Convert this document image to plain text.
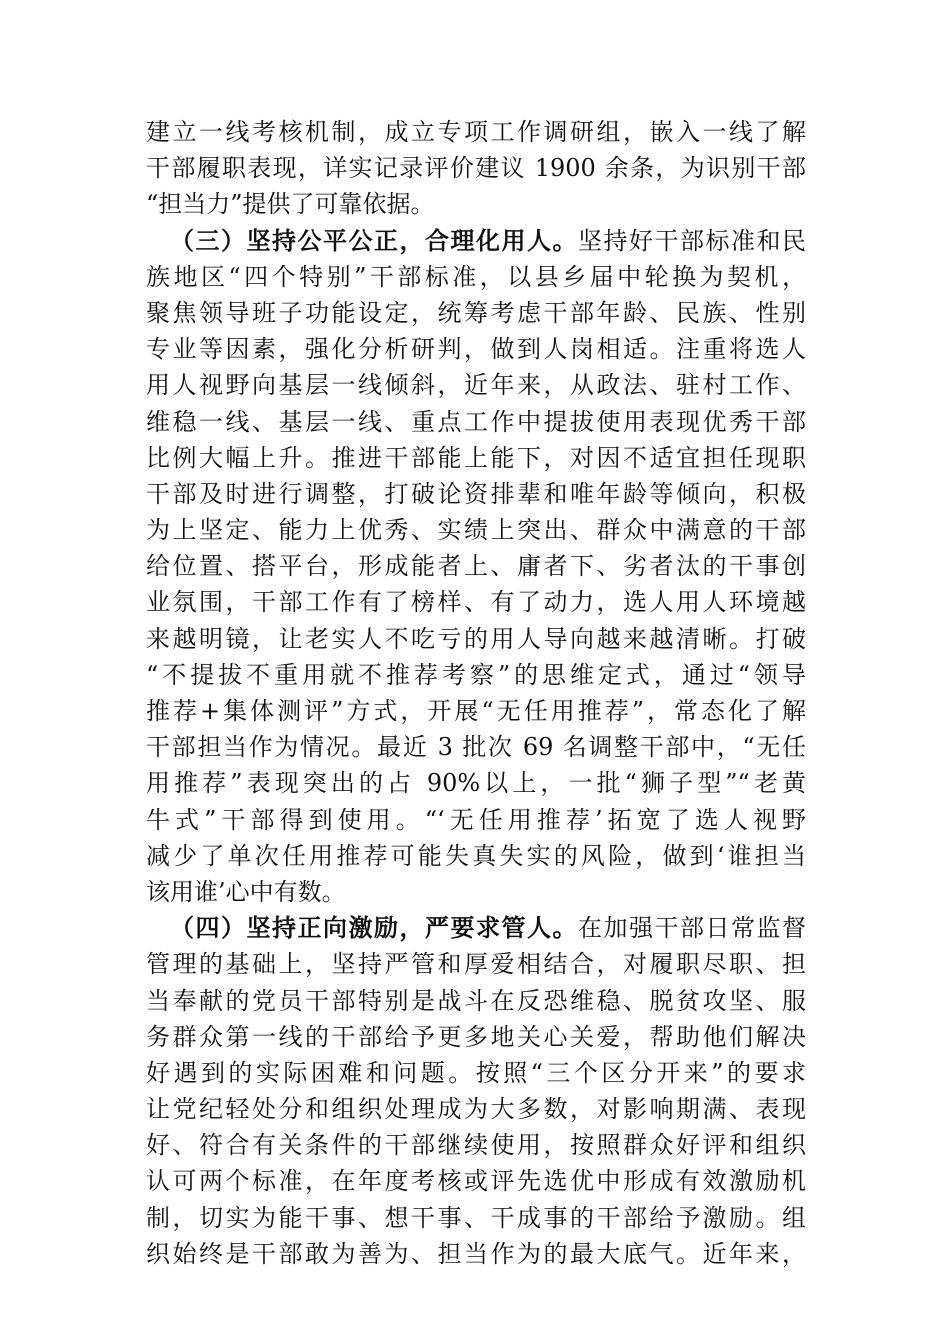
建立一线考核机制，成立专项工作调研组，嵌入一线了解
干部履职表现，详实记录评价建议 1900 余条，为识别干部
“担当力”提供了可靠依据。
（三）坚持公平公正，合理化用人。坚持好干部标准和民
族地区“四个特别”干部标准，以县乡届中轮换为契机，
聚焦领导班子功能设定，统筹考虑干部年龄、民族、性别
专业等因素，强化分析研判，做到人岗相适。注重将选人
用人视野向基层一线倾斜，近年来，从政法、驻村工作、
维稳一线、基层一线、重点工作中提拔使用表现优秀干部
比例大幅上升。推进干部能上能下，对因不适宜担任现职
干部及时进行调整，打破论资排辈和唯年龄等倾向，积极
为上坚定、能力上优秀、实绩上突出、群众中满意的干部
给位置、搭平台，形成能者上、庸者下、劣者汰的干事创
业氛围，干部工作有了榜样、有了动力，选人用人环境越
来越明镜，让老实人不吃亏的用人导向越来越清晰。打破
“不提拔不重用就不推荐考察”的思维定式，通过“领导
推荐+集体测评”方式，开展“无任用推荐”，常态化了解
干部担当作为情况。最近 3 批次 69 名调整干部中，“无任
用推荐”表现突出的占 90%以上，一批“狮子型”“老黄
牛式”干部得到使用。“‘无任用推荐’拓宽了选人视野
减少了单次任用推荐可能失真失实的风险，做到‘谁担当
该用谁’心中有数。
（四）坚持正向激励，严要求管人。在加强干部日常监督
管理的基础上，坚持严管和厚爱相结合，对履职尽职、担
当奉献的党员干部特别是战斗在反恐维稳、脱贫攻坚、服
务群众第一线的干部给予更多地关心关爱，帮助他们解决
好遇到的实际困难和问题。按照“三个区分开来”的要求
让党纪轻处分和组织处理成为大多数，对影响期满、表现
好、符合有关条件的干部继续使用，按照群众好评和组织
认可两个标准，在年度考核或评先选优中形成有效激励机
制，切实为能干事、想干事、干成事的干部给予激励。组
织始终是干部敢为善为、担当作为的最大底气。近年来，
